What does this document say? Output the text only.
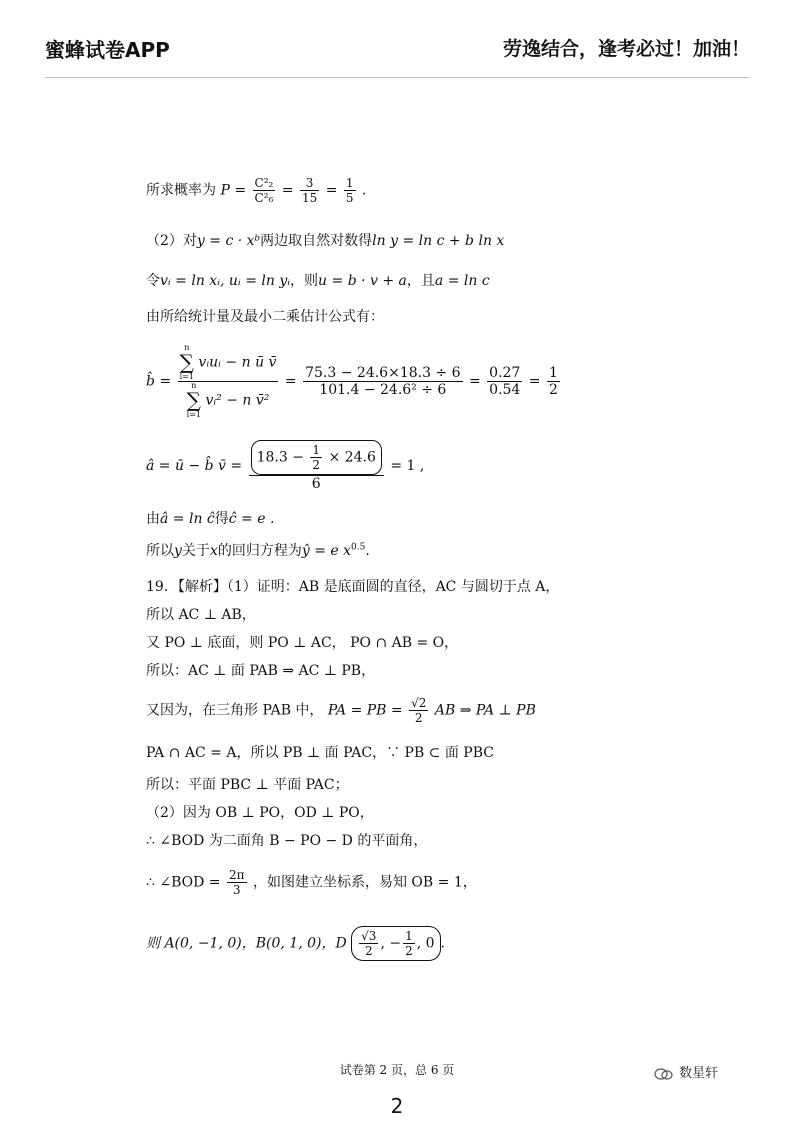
蜜蜂试卷APP	劳逸结合，逢考必过！加油！
所求概率为 $P = \frac{\text{C²₂}}{\text{C²₆}} = \frac{3}{15} = \frac{1}{5}$ .
（2）对y = c · xᵇ两边取自然对数得ln y = ln c + b ln x
令vᵢ = ln xᵢ, uᵢ = ln yᵢ，则u = b · v + a，且a = ln c
由所给统计量及最小二乘估计公式有：
b̂ = n
∑
i=1
vᵢuᵢ − n ū v̄
n
∑
i=1
vᵢ² − n v̄² = $\frac{75.3 - 24.6\times 18.3 \div 6}{\text{101.4 − 24.6² ÷ 6}} = \frac{0.27}{0.54} = \frac{1}{2}$
â = ū − b̂ v̄ = $\frac{18.3 - \frac{1}{2} \times 24.6}{6} = 1$ ,
由â = ln ĉ得ĉ = e .
所以y关于x的回归方程为ŷ = e $x^{0.5}$.
19．【解析】（1）证明：AB 是底面圆的直径，AC 与圆切于点 A，
所以 AC ⊥ AB，
又 PO ⊥ 底面，则 PO ⊥ AC， PO ∩ AB = O，
所以：AC ⊥ 面 PAB ⇒ AC ⊥ PB，
又因为，在三角形 PAB 中， PA = PB = $\frac{√2}{2}$ AB ⇒ PA ⊥ PB
PA ∩ AC = A，所以 PB ⊥ 面 PAC，∵ PB ⊂ 面 PBC
所以：平面 PBC ⊥ 平面 PAC；
（2）因为 OB ⊥ PO，OD ⊥ PO，
∴ ∠BOD 为二面角 B − PO − D 的平面角，
∴ ∠BOD = $\frac{2\pi}{3}$ ，如图建立坐标系，易知 OB = 1，
则 A(0, −1, 0)，B(0, 1, 0)，D $\frac{√3}{2}$ , − $\frac{1}{2}$ , 0 .
试卷第 2 页，总 6 页	数星轩
2
